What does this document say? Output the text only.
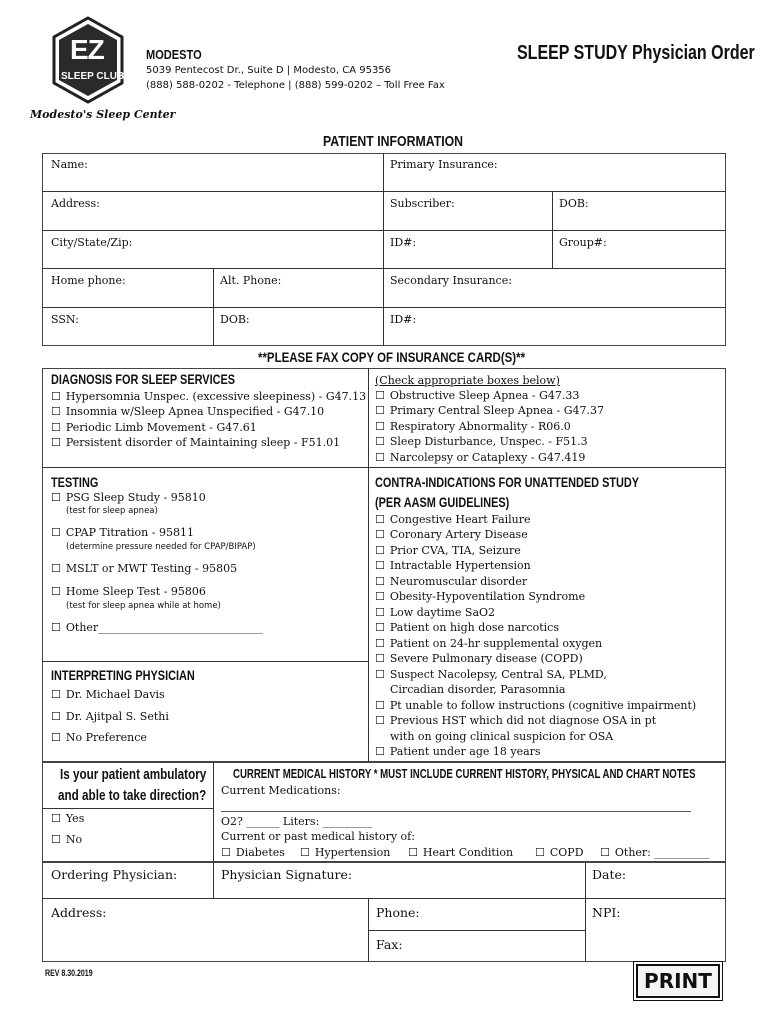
EZ
SLEEP CLUB
Modesto's Sleep Center
MODESTO
5039 Pentecost Dr., Suite D | Modesto, CA 95356
(888) 588-0202 - Telephone | (888) 599-0202 – Toll Free Fax
SLEEP STUDY Physician Order
PATIENT INFORMATION
Name:	Primary Insurance:
Address:	Subscriber:	DOB:
City/State/Zip:	ID#:	Group#:
Home phone:	Alt. Phone:	Secondary Insurance:
SSN:	DOB:	ID#:
**PLEASE FAX COPY OF INSURANCE CARD(S)**
DIAGNOSIS FOR SLEEP SERVICES	(Check appropriate boxes below)
☐ Hypersomnia Unspec. (excessive sleepiness) - G47.13
☐ Insomnia w/Sleep Apnea Unspecified - G47.10
☐ Periodic Limb Movement - G47.61
☐ Persistent disorder of Maintaining sleep - F51.01
☐ Obstructive Sleep Apnea - G47.33
☐ Primary Central Sleep Apnea - G47.37
☐ Respiratory Abnormality - R06.0
☐ Sleep Disturbance, Unspec. - F51.3
☐ Narcolepsy or Cataplexy - G47.419
TESTING
☐ PSG Sleep Study - 95810
(test for sleep apnea)
☐ CPAP Titration - 95811
(determine pressure needed for CPAP/BIPAP)
☐ MSLT or MWT Testing - 95805
☐ Home Sleep Test - 95806
(test for sleep apnea while at home)
☐ Other______________________________
CONTRA-INDICATIONS FOR UNATTENDED STUDY
(PER AASM GUIDELINES)
☐ Congestive Heart Failure
☐ Coronary Artery Disease
☐ Prior CVA, TIA, Seizure
☐ Intractable Hypertension
☐ Neuromuscular disorder
☐ Obesity-Hypoventilation Syndrome
☐ Low daytime SaO2
☐ Patient on high dose narcotics
☐ Patient on 24-hr supplemental oxygen
☐ Severe Pulmonary disease (COPD)
☐ Suspect Nacolepsy, Central SA, PLMD,
Circadian disorder, Parasomnia
☐ Pt unable to follow instructions (cognitive impairment)
☐ Previous HST which did not diagnose OSA in pt
with on going clinical suspicion for OSA
☐ Patient under age 18 years
INTERPRETING PHYSICIAN
☐ Dr. Michael Davis
☐ Dr. Ajitpal S. Sethi
☐ No Preference
Is your patient ambulatory
and able to take direction?
☐ Yes
☐ No
CURRENT MEDICAL HISTORY * MUST INCLUDE CURRENT HISTORY, PHYSICAL AND CHART NOTES
Current Medications:
O2? ______ Liters: _________
Current or past medical history of:
☐ Diabetes	☐ Hypertension	☐ Heart Condition	☐ COPD	☐ Other: __________
Ordering Physician:	Physician Signature:	Date:
Address:	Phone:	NPI:
Fax:
REV 8.30.2019	PRINT
